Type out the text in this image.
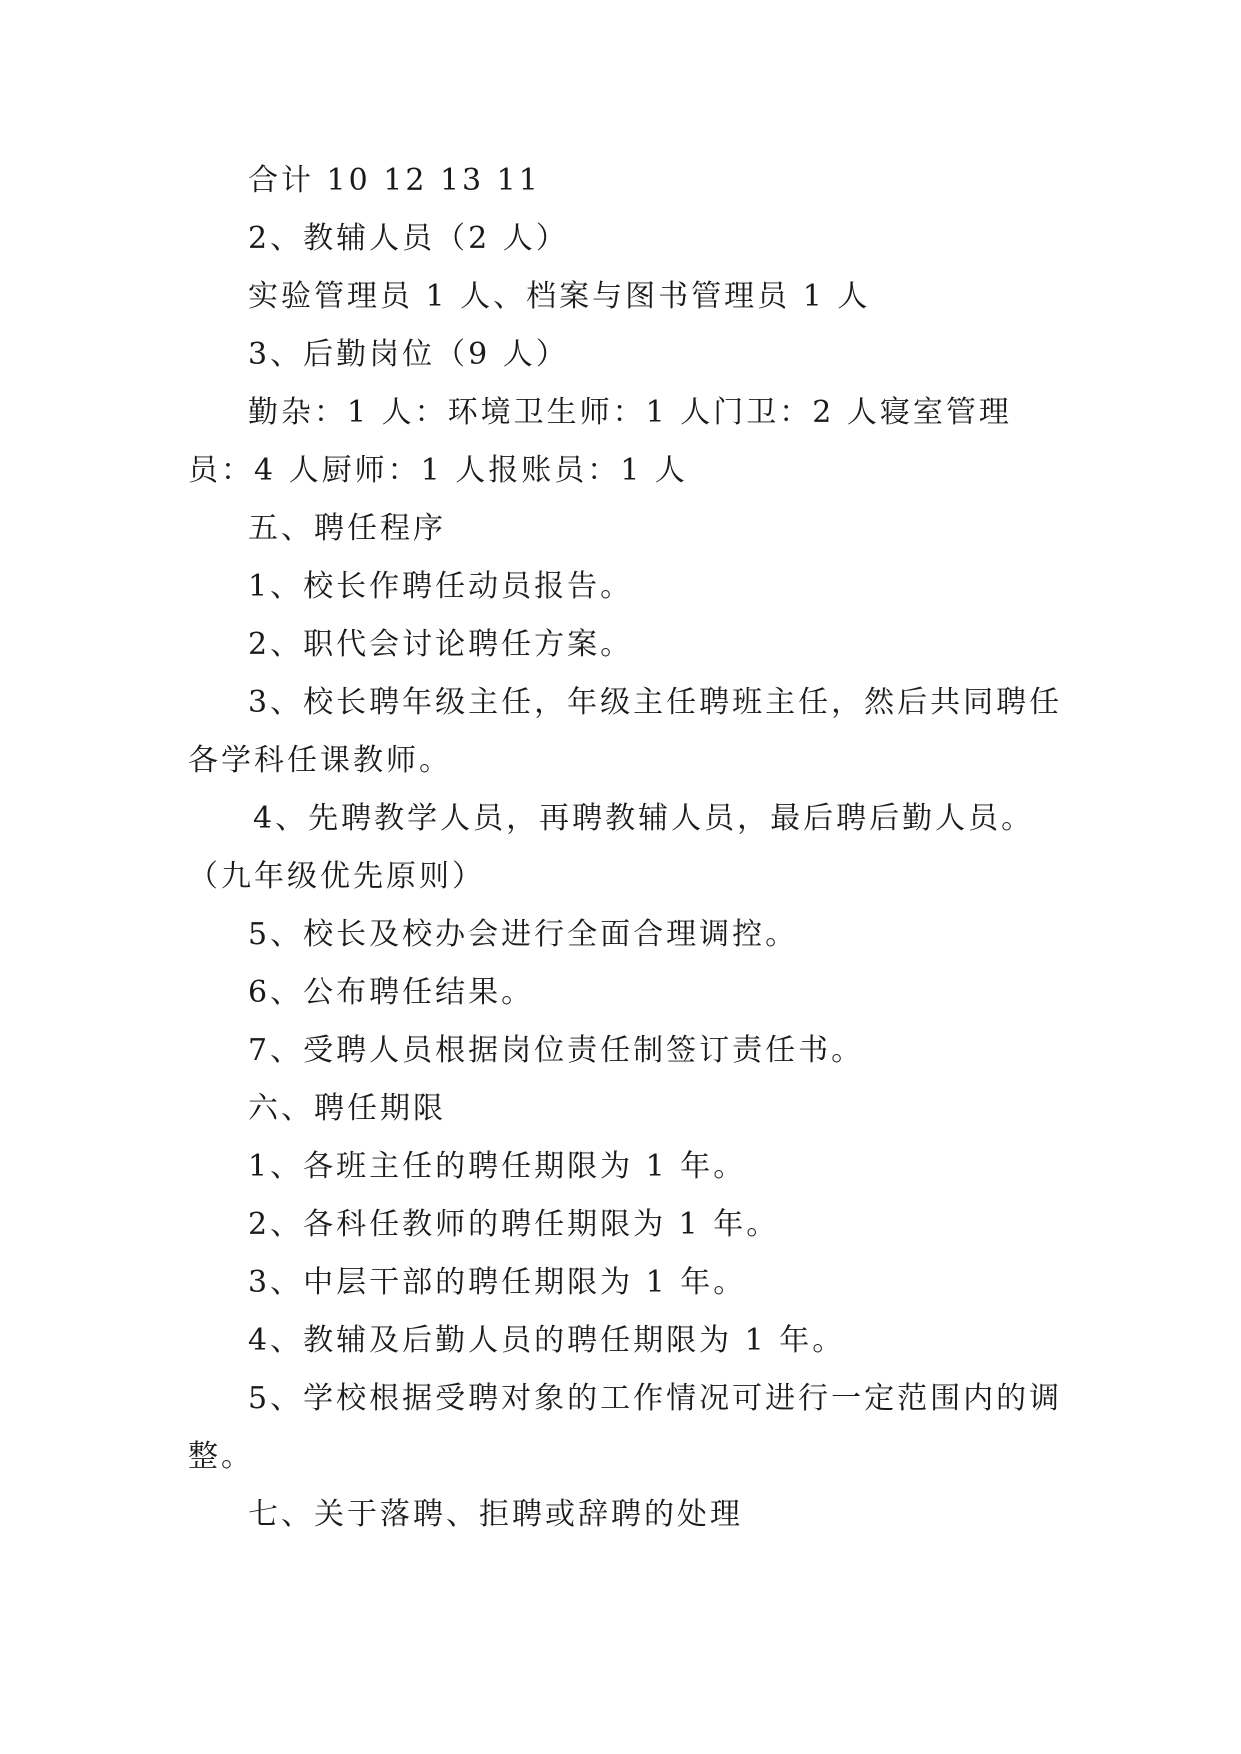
合计 10 12 13 11

2、教辅人员（2 人）

实验管理员 1 人、档案与图书管理员 1 人

3、后勤岗位（9 人）

勤杂：1 人：环境卫生师：1 人门卫：2 人寝室管理员：4 人厨师：1 人报账员：1 人

五、聘任程序

1、校长作聘任动员报告。

2、职代会讨论聘任方案。

3、校长聘年级主任，年级主任聘班主任，然后共同聘任各学科任课教师。

4、先聘教学人员，再聘教辅人员，最后聘后勤人员。（九年级优先原则）

5、校长及校办会进行全面合理调控。

6、公布聘任结果。

7、受聘人员根据岗位责任制签订责任书。

六、聘任期限

1、各班主任的聘任期限为 1 年。

2、各科任教师的聘任期限为 1 年。

3、中层干部的聘任期限为 1 年。

4、教辅及后勤人员的聘任期限为 1 年。

5、学校根据受聘对象的工作情况可进行一定范围内的调整。

七、关于落聘、拒聘或辞聘的处理
